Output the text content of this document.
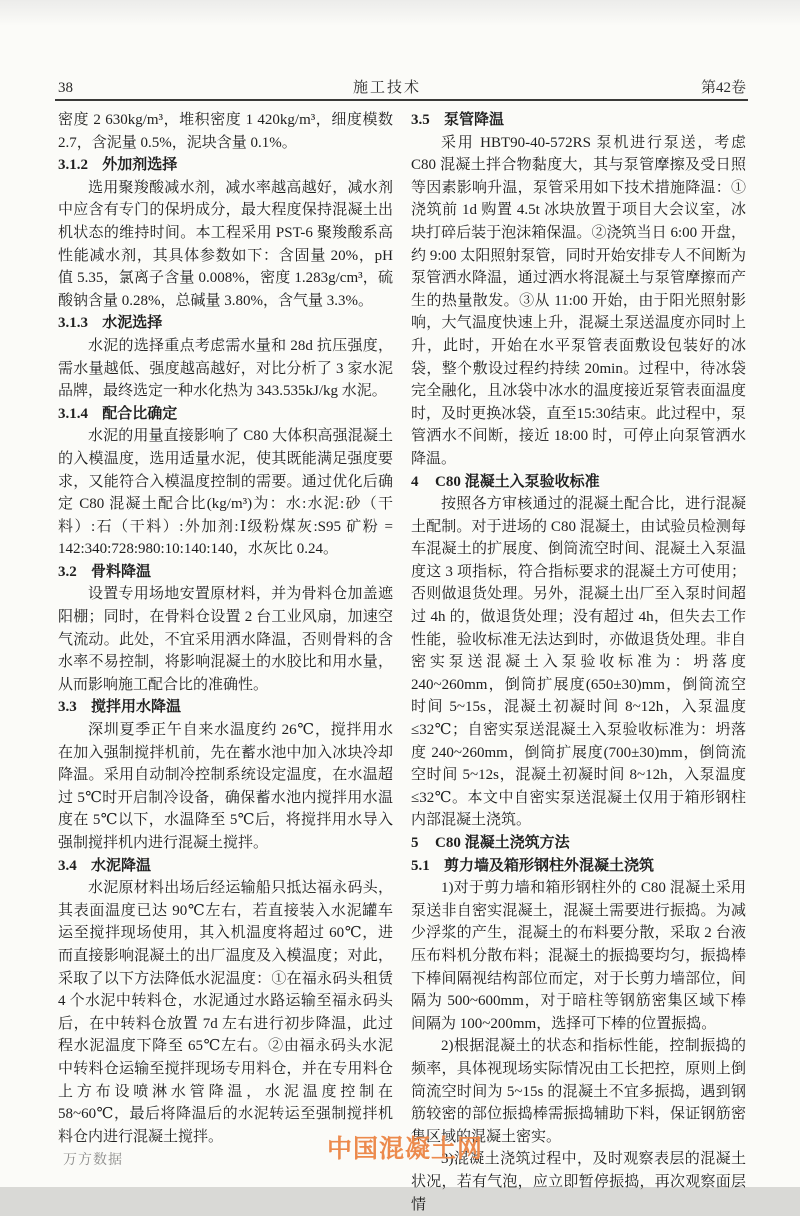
38	施工技术	第42卷

密度 2 630kg/m³，堆积密度 1 420kg/m³，细度模数 2.7，含泥量 0.5%，泥块含量 0.1%。

3.1.2 外加剂选择

选用聚羧酸减水剂，减水率越高越好，减水剂中应含有专门的保坍成分，最大程度保持混凝土出机状态的维持时间。本工程采用 PST-6 聚羧酸系高性能减水剂，其具体参数如下：含固量 20%，pH 值 5.35，氯离子含量 0.008%，密度 1.283g/cm³，硫酸钠含量 0.28%，总碱量 3.80%，含气量 3.3%。

3.1.3 水泥选择

水泥的选择重点考虑需水量和 28d 抗压强度，需水量越低、强度越高越好，对比分析了 3 家水泥品牌，最终选定一种水化热为 343.535kJ/kg 水泥。

3.1.4 配合比确定

水泥的用量直接影响了 C80 大体积高强混凝土的入模温度，选用适量水泥，使其既能满足强度要求，又能符合入模温度控制的需要。通过优化后确定 C80 混凝土配合比(kg/m³)为：水:水泥:砂（干料）:石（干料）:外加剂:Ⅰ级粉煤灰:S95 矿粉 = 142:340:728:980:10:140:140，水灰比 0.24。

3.2 骨料降温

设置专用场地安置原材料，并为骨料仓加盖遮阳棚；同时，在骨料仓设置 2 台工业风扇，加速空气流动。此处，不宜采用洒水降温，否则骨料的含水率不易控制，将影响混凝土的水胶比和用水量，从而影响施工配合比的准确性。

3.3 搅拌用水降温

深圳夏季正午自来水温度约 26℃，搅拌用水在加入强制搅拌机前，先在蓄水池中加入冰块冷却降温。采用自动制冷控制系统设定温度，在水温超过 5℃时开启制冷设备，确保蓄水池内搅拌用水温度在 5℃以下，水温降至 5℃后，将搅拌用水导入强制搅拌机内进行混凝土搅拌。

3.4 水泥降温

水泥原材料出场后经运输船只抵达福永码头，其表面温度已达 90℃左右，若直接装入水泥罐车运至搅拌现场使用，其入机温度将超过 60℃，进而直接影响混凝土的出厂温度及入模温度；对此，采取了以下方法降低水泥温度：①在福永码头租赁 4 个水泥中转料仓，水泥通过水路运输至福永码头后，在中转料仓放置 7d 左右进行初步降温，此过程水泥温度下降至 65℃左右。②由福永码头水泥中转料仓运输至搅拌现场专用料仓，并在专用料仓上方布设喷淋水管降温，水泥温度控制在 58~60℃，最后将降温后的水泥转运至强制搅拌机料仓内进行混凝土搅拌。

3.5 泵管降温

采用 HBT90-40-572RS 泵机进行泵送，考虑 C80 混凝土拌合物黏度大，其与泵管摩擦及受日照等因素影响升温，泵管采用如下技术措施降温：①浇筑前 1d 购置 4.5t 冰块放置于项目大会议室，冰块打碎后装于泡沫箱保温。②浇筑当日 6:00 开盘，约 9:00 太阳照射泵管，同时开始安排专人不间断为泵管洒水降温，通过洒水将混凝土与泵管摩擦而产生的热量散发。③从 11:00 开始，由于阳光照射影响，大气温度快速上升，混凝土泵送温度亦同时上升，此时，开始在水平泵管表面敷设包装好的冰袋，整个敷设过程约持续 20min。过程中，待冰袋完全融化，且冰袋中冰水的温度接近泵管表面温度时，及时更换冰袋，直至15:30结束。此过程中，泵管洒水不间断，接近 18:00 时，可停止向泵管洒水降温。

4 C80 混凝土入泵验收标准

按照各方审核通过的混凝土配合比，进行混凝土配制。对于进场的 C80 混凝土，由试验员检测每车混凝土的扩展度、倒筒流空时间、混凝土入泵温度这 3 项指标，符合指标要求的混凝土方可使用；否则做退货处理。另外，混凝土出厂至入泵时间超过 4h 的，做退货处理；没有超过 4h，但失去工作性能，验收标准无法达到时，亦做退货处理。非自密实泵送混凝土入泵验收标准为：坍落度 240~260mm，倒筒扩展度(650±30)mm，倒筒流空时间 5~15s，混凝土初凝时间 8~12h，入泵温度≤32℃；自密实泵送混凝土入泵验收标准为：坍落度 240~260mm，倒筒扩展度(700±30)mm，倒筒流空时间 5~12s，混凝土初凝时间 8~12h，入泵温度≤32℃。本文中自密实泵送混凝土仅用于箱形钢柱内部混凝土浇筑。

5 C80 混凝土浇筑方法
5.1 剪力墙及箱形钢柱外混凝土浇筑

1)对于剪力墙和箱形钢柱外的 C80 混凝土采用泵送非自密实混凝土，混凝土需要进行振捣。为减少浮浆的产生，混凝土的布料要分散，采取 2 台液压布料机分散布料；混凝土的振捣要均匀，振捣棒下棒间隔视结构部位而定，对于长剪力墙部位，间隔为 500~600mm，对于暗柱等钢筋密集区域下棒间隔为 100~200mm，选择可下棒的位置振捣。

2)根据混凝土的状态和指标性能，控制振捣的频率，具体视现场实际情况由工长把控，原则上倒筒流空时间为 5~15s 的混凝土不宜多振捣，遇到钢筋较密的部位振捣棒需振捣辅助下料，保证钢筋密集区域的混凝土密实。

3)混凝土浇筑过程中，及时观察表层的混凝土状况，若有气泡，应立即暂停振捣，再次观察面层情

中国混凝土网
万方数据
